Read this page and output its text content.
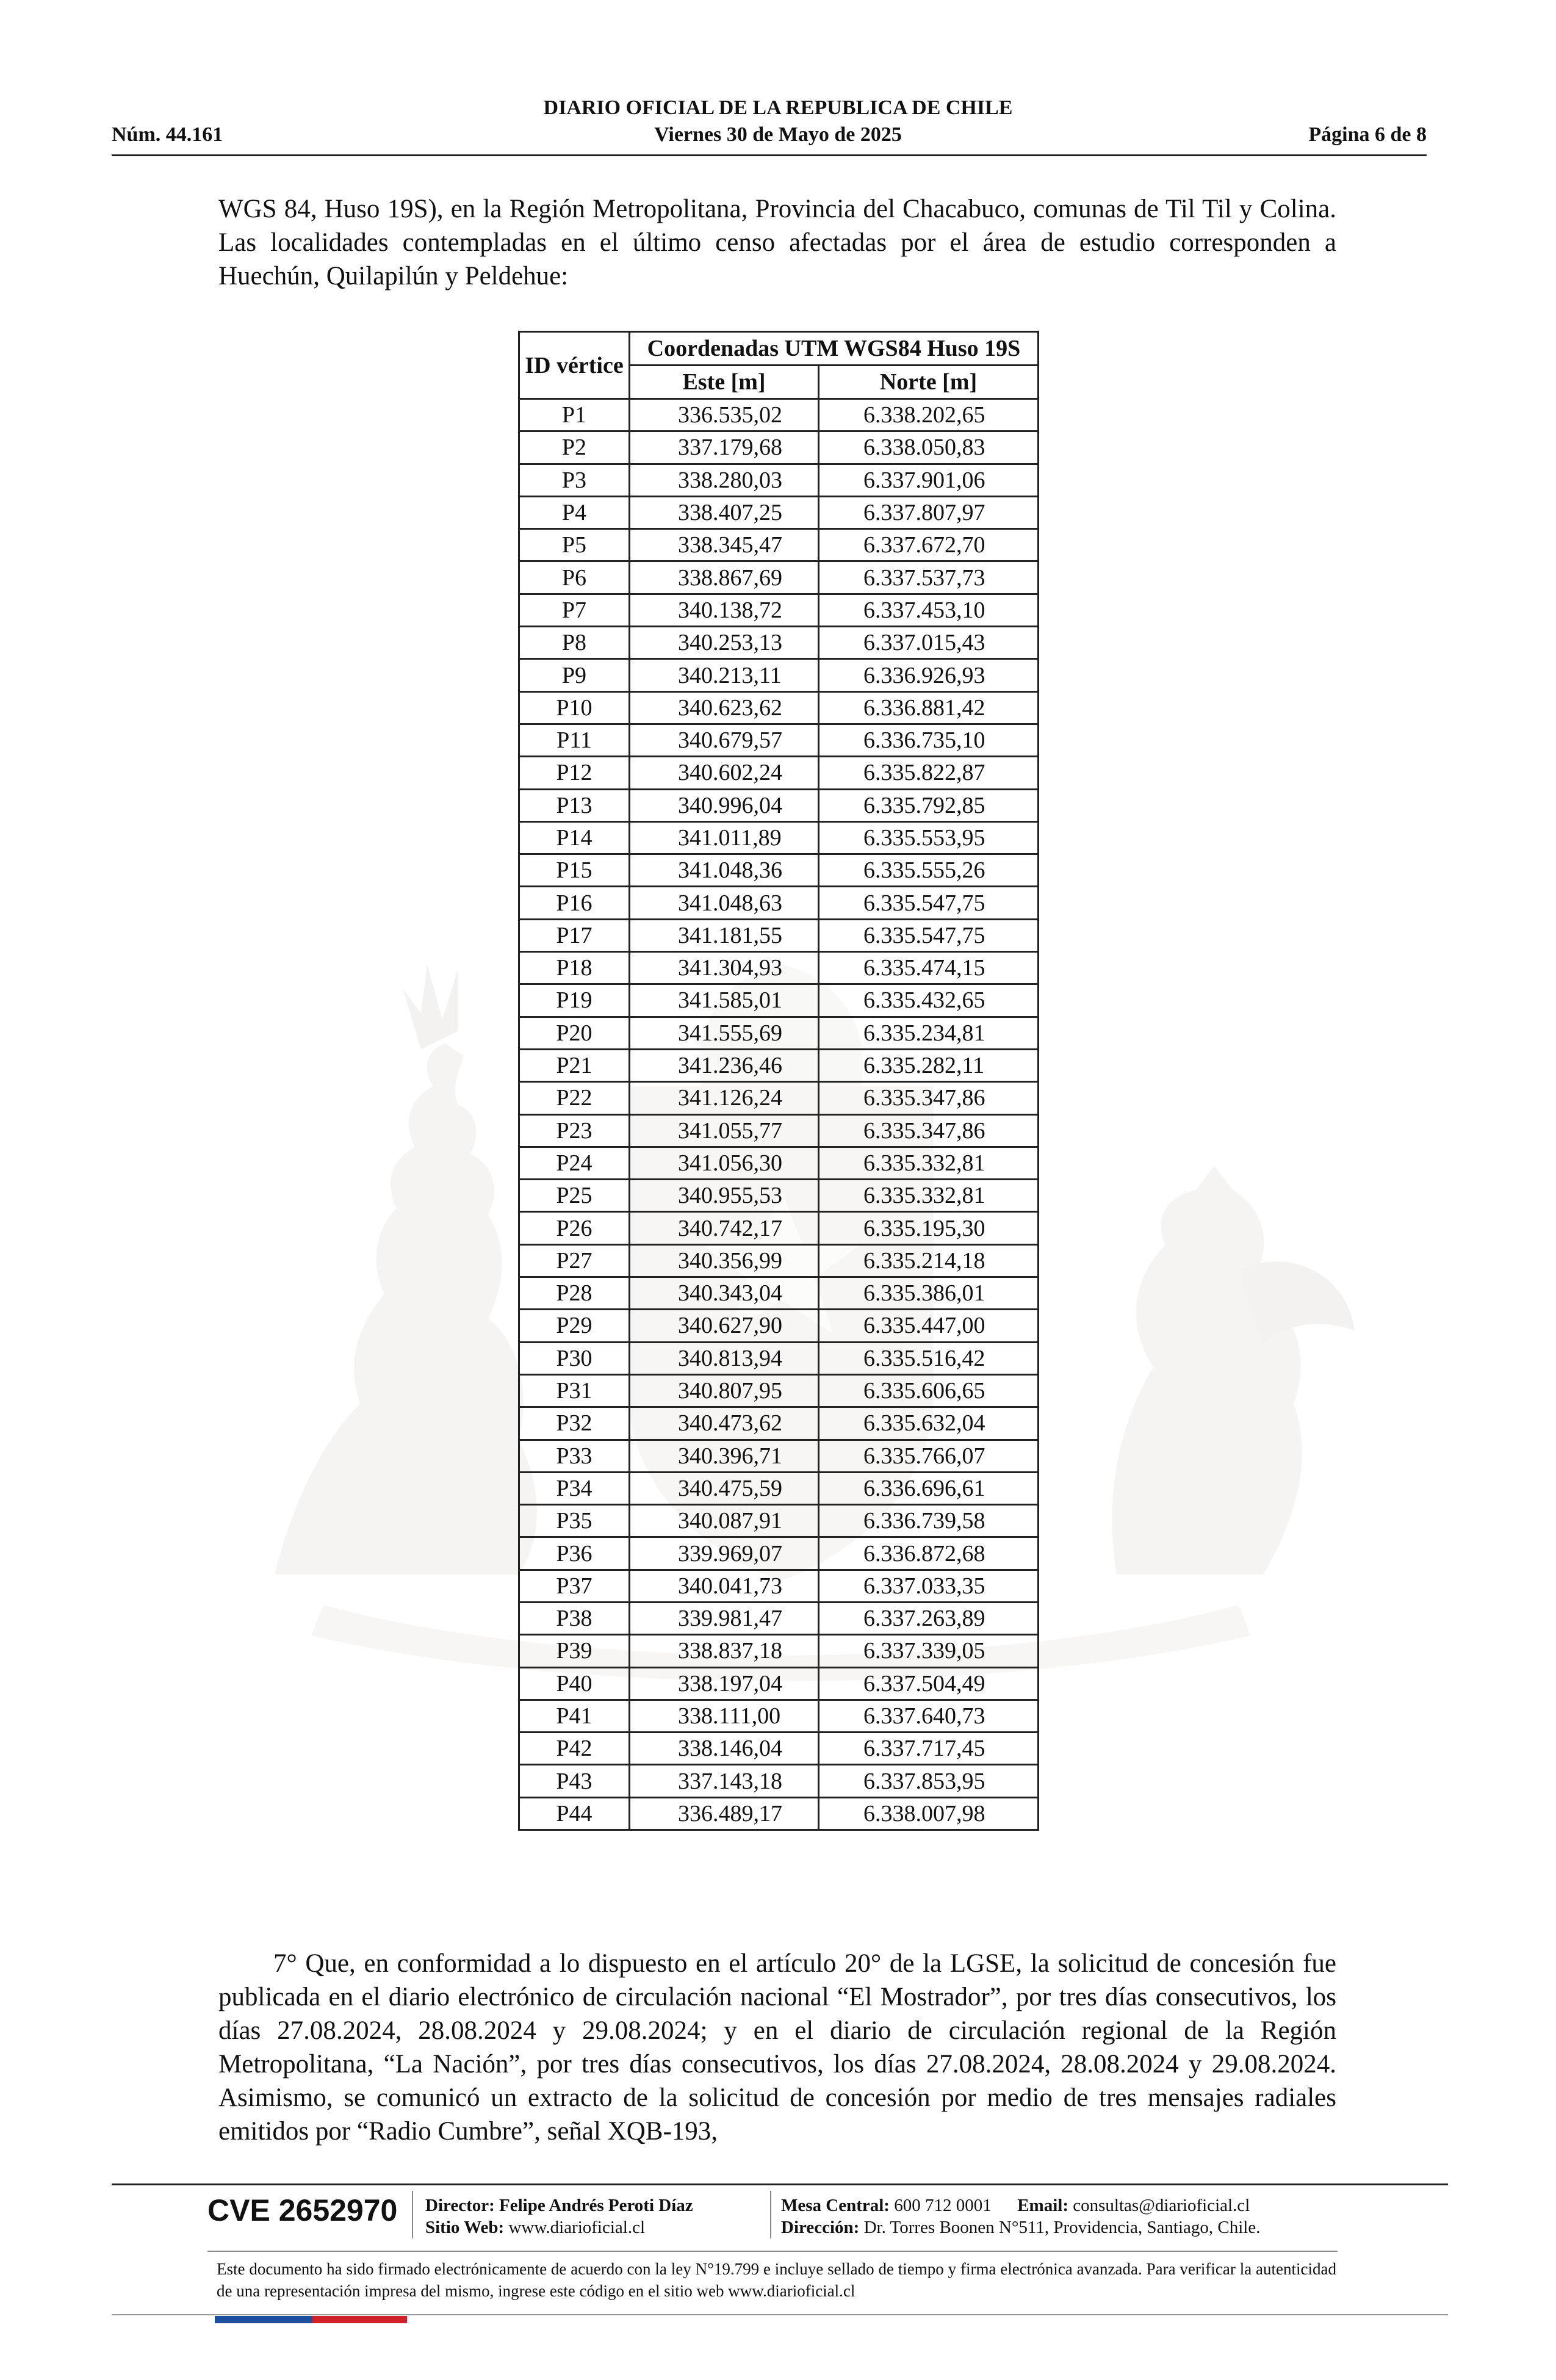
DIARIO OFICIAL DE LA REPUBLICA DE CHILE
Núm. 44.161	Viernes 30 de Mayo de 2025	Página 6 de 8
WGS 84, Huso 19S), en la Región Metropolitana, Provincia del Chacabuco, comunas de Til Til y Colina. Las localidades contempladas en el último censo afectadas por el área de estudio corresponden a Huechún, Quilapilún y Peldehue:
ID vértice	Coordenadas UTM WGS84 Huso 19S	
	Este [m]	Norte [m]
P1	336.535,02	6.338.202,65
P2	337.179,68	6.338.050,83
P3	338.280,03	6.337.901,06
P4	338.407,25	6.337.807,97
P5	338.345,47	6.337.672,70
P6	338.867,69	6.337.537,73
P7	340.138,72	6.337.453,10
P8	340.253,13	6.337.015,43
P9	340.213,11	6.336.926,93
P10	340.623,62	6.336.881,42
P11	340.679,57	6.336.735,10
P12	340.602,24	6.335.822,87
P13	340.996,04	6.335.792,85
P14	341.011,89	6.335.553,95
P15	341.048,36	6.335.555,26
P16	341.048,63	6.335.547,75
P17	341.181,55	6.335.547,75
P18	341.304,93	6.335.474,15
P19	341.585,01	6.335.432,65
P20	341.555,69	6.335.234,81
P21	341.236,46	6.335.282,11
P22	341.126,24	6.335.347,86
P23	341.055,77	6.335.347,86
P24	341.056,30	6.335.332,81
P25	340.955,53	6.335.332,81
P26	340.742,17	6.335.195,30
P27	340.356,99	6.335.214,18
P28	340.343,04	6.335.386,01
P29	340.627,90	6.335.447,00
P30	340.813,94	6.335.516,42
P31	340.807,95	6.335.606,65
P32	340.473,62	6.335.632,04
P33	340.396,71	6.335.766,07
P34	340.475,59	6.336.696,61
P35	340.087,91	6.336.739,58
P36	339.969,07	6.336.872,68
P37	340.041,73	6.337.033,35
P38	339.981,47	6.337.263,89
P39	338.837,18	6.337.339,05
P40	338.197,04	6.337.504,49
P41	338.111,00	6.337.640,73
P42	338.146,04	6.337.717,45
P43	337.143,18	6.337.853,95
P44	336.489,17	6.338.007,98
7° Que, en conformidad a lo dispuesto en el artículo 20° de la LGSE, la solicitud de concesión fue publicada en el diario electrónico de circulación nacional “El Mostrador”, por tres días consecutivos, los días 27.08.2024, 28.08.2024 y 29.08.2024; y en el diario de circulación regional de la Región Metropolitana, “La Nación”, por tres días consecutivos, los días 27.08.2024, 28.08.2024 y 29.08.2024. Asimismo, se comunicó un extracto de la solicitud de concesión por medio de tres mensajes radiales emitidos por “Radio Cumbre”, señal XQB-193,
CVE 2652970 Director: Felipe Andrés Peroti Díaz
Sitio Web: www.diarioficial.cl
Mesa Central: 600 712 0001 Email: consultas@diarioficial.cl
Dirección: Dr. Torres Boonen N°511, Providencia, Santiago, Chile.
Este documento ha sido firmado electrónicamente de acuerdo con la ley N°19.799 e incluye sellado de tiempo y firma electrónica avanzada. Para verificar la autenticidad de una representación impresa del mismo, ingrese este código en el sitio web www.diarioficial.cl
